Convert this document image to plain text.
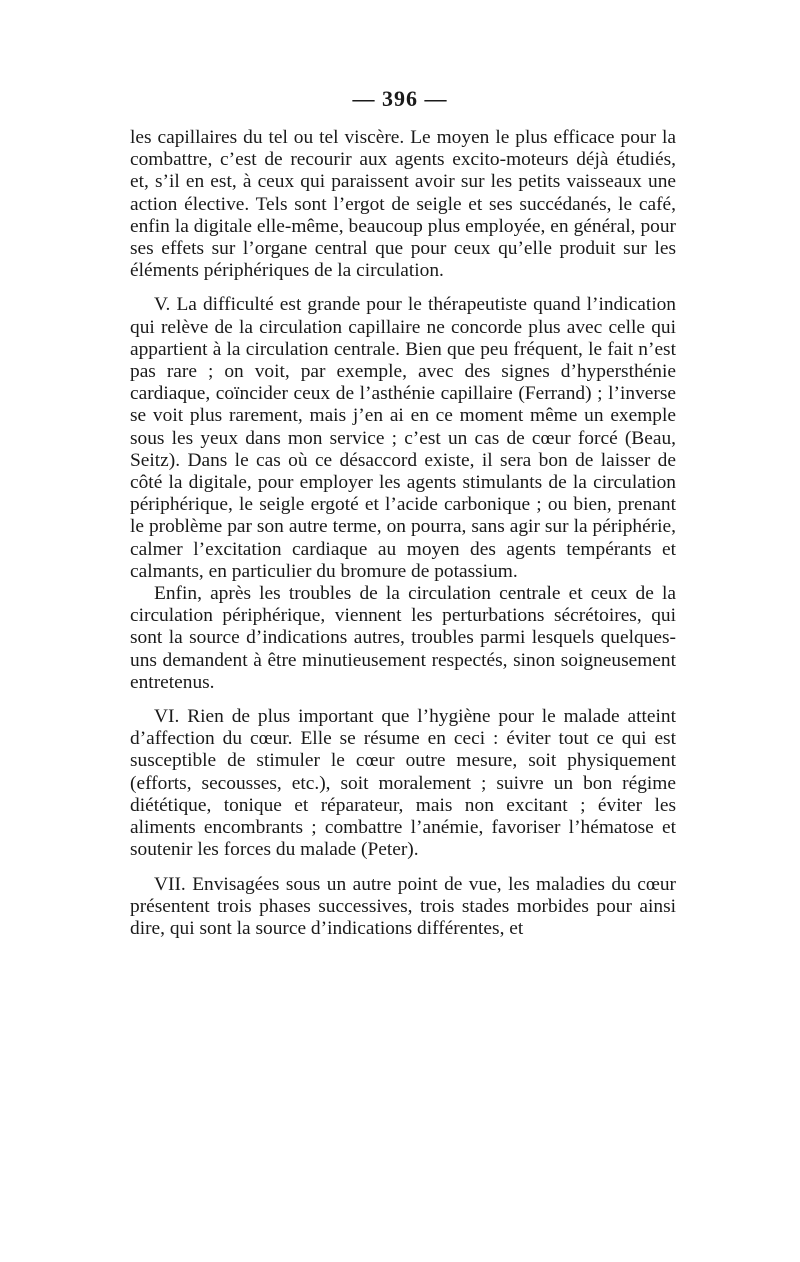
— 396 —

les capillaires du tel ou tel viscère. Le moyen le plus efficace pour la combattre, c’est de recourir aux agents excito-moteurs déjà étudiés, et, s’il en est, à ceux qui paraissent avoir sur les petits vaisseaux une action élective. Tels sont l’ergot de seigle et ses succédanés, le café, enfin la digitale elle-même, beaucoup plus employée, en général, pour ses effets sur l’organe central que pour ceux qu’elle produit sur les éléments périphériques de la circulation.

V. La difficulté est grande pour le thérapeutiste quand l’indication qui relève de la circulation capillaire ne concorde plus avec celle qui appartient à la circulation centrale. Bien que peu fréquent, le fait n’est pas rare ; on voit, par exemple, avec des signes d’hypersthénie cardiaque, coïncider ceux de l’asthénie capillaire (Ferrand) ; l’inverse se voit plus rarement, mais j’en ai en ce moment même un exemple sous les yeux dans mon service ; c’est un cas de cœur forcé (Beau, Seitz). Dans le cas où ce désaccord existe, il sera bon de laisser de côté la digitale, pour employer les agents stimulants de la circulation périphérique, le seigle ergoté et l’acide carbonique ; ou bien, prenant le problème par son autre terme, on pourra, sans agir sur la périphérie, calmer l’excitation cardiaque au moyen des agents tempérants et calmants, en particulier du bromure de potassium.

Enfin, après les troubles de la circulation centrale et ceux de la circulation périphérique, viennent les perturbations sécrétoires, qui sont la source d’indications autres, troubles parmi lesquels quelques-uns demandent à être minutieusement respectés, sinon soigneusement entretenus.

VI. Rien de plus important que l’hygiène pour le malade atteint d’affection du cœur. Elle se résume en ceci : éviter tout ce qui est susceptible de stimuler le cœur outre mesure, soit physiquement (efforts, secousses, etc.), soit moralement ; suivre un bon régime diététique, tonique et réparateur, mais non excitant ; éviter les aliments encombrants ; combattre l’anémie, favoriser l’hématose et soutenir les forces du malade (Peter).

VII. Envisagées sous un autre point de vue, les maladies du cœur présentent trois phases successives, trois stades morbides pour ainsi dire, qui sont la source d’indications différentes, et
